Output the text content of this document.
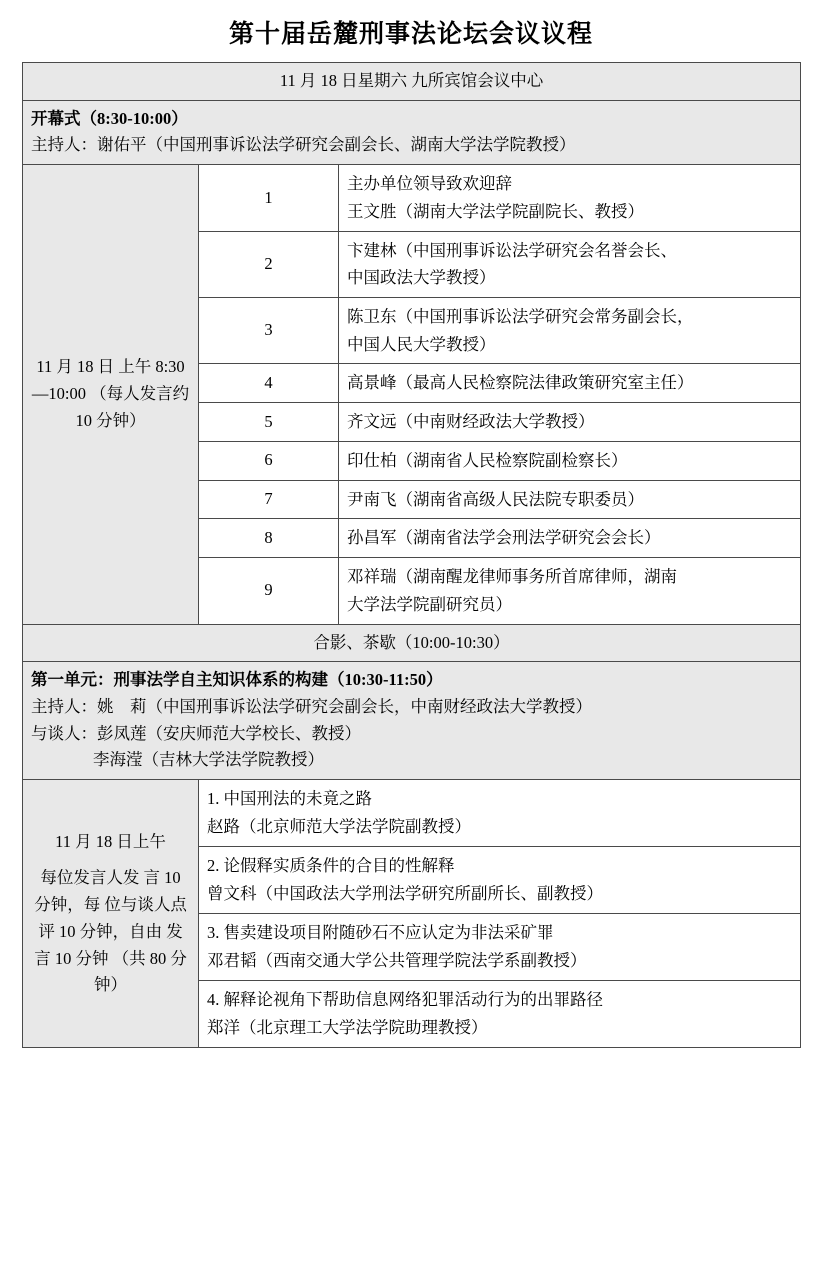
第十届岳麓刑事法论坛会议议程
11 月 18 日星期六 九所宾馆会议中心		

开幕式（8:30-10:00）
主持人：谢佑平（中国刑事诉讼法学研究会副会长、湖南大学法学院教授）		

11 月 18 日 上午 8:30—10:00 （每人发言约 10 分钟）	1	主办单位领导致欢迎辞
王文胜（湖南大学法学院副院长、教授）

	2	卞建林（中国刑事诉讼法学研究会名誉会长、
中国政法大学教授）

	3	陈卫东（中国刑事诉讼法学研究会常务副会长，
中国人民大学教授）

	4	高景峰（最高人民检察院法律政策研究室主任）

	5	齐文远（中南财经政法大学教授）

	6	印仕柏（湖南省人民检察院副检察长）

	7	尹南飞（湖南省高级人民法院专职委员）

	8	孙昌军（湖南省法学会刑法学研究会会长）

	9	邓祥瑞（湖南醒龙律师事务所首席律师，湖南
大学法学院副研究员）

合影、茶歇（10:00-10:30）		

第一单元：刑事法学自主知识体系的构建（10:30-11:50）
主持人：姚　莉（中国刑事诉讼法学研究会副会长，中南财经政法大学教授）
与谈人：彭凤莲（安庆师范大学校长、教授）
李海滢（吉林大学法学院教授）		

11 月 18 日上午
每位发言人发 言 10 分钟，每 位与谈人点评 10 分钟，自由 发言 10 分钟 （共 80 分钟）	1. 中国刑法的未竟之路
赵路（北京师范大学法学院副教授）	

	2. 论假释实质条件的合目的性解释
曾文科（中国政法大学刑法学研究所副所长、副教授）	

	3. 售卖建设项目附随砂石不应认定为非法采矿罪
邓君韬（西南交通大学公共管理学院法学系副教授）	

	4. 解释论视角下帮助信息网络犯罪活动行为的出罪路径
郑洋（北京理工大学法学院助理教授）	
